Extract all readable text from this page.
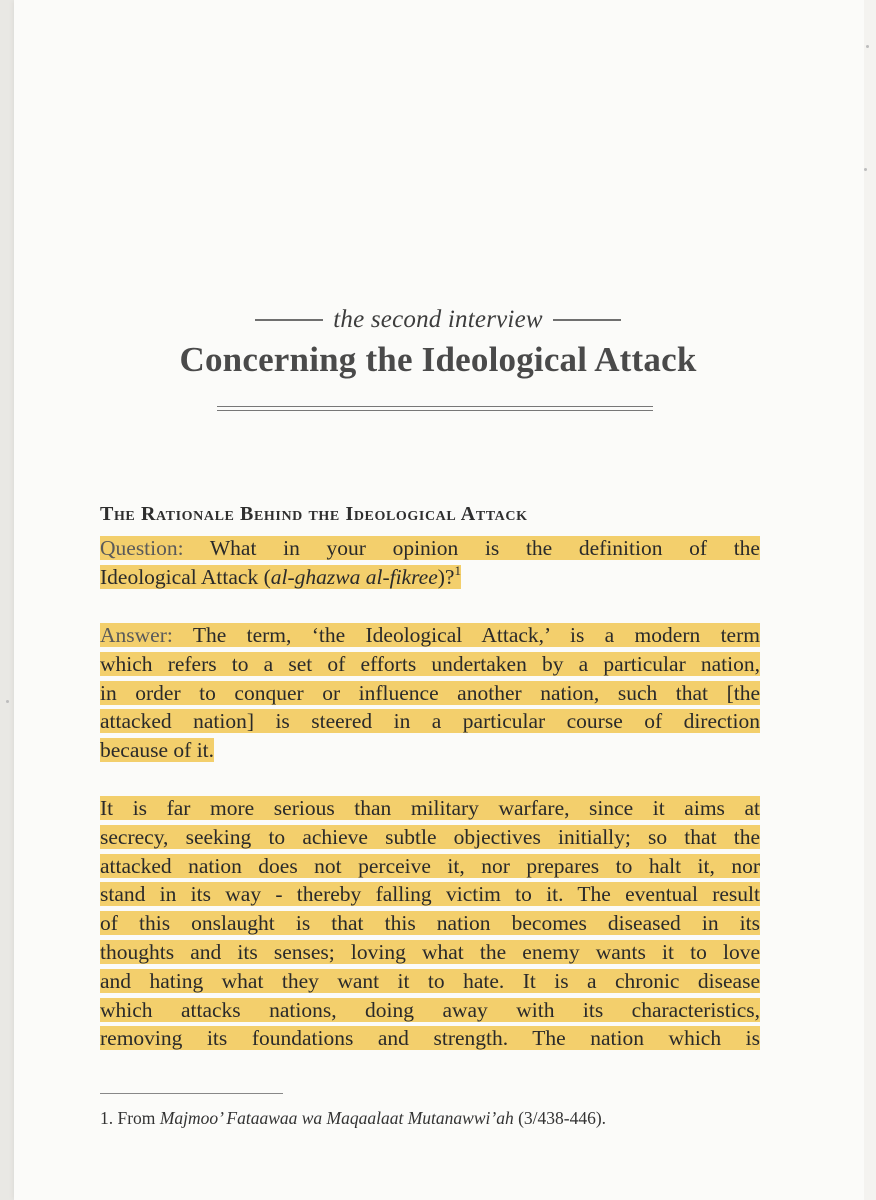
the second interview
Concerning the Ideological Attack
The Rationale Behind the Ideological Attack
Question: What in your opinion is the definition of the
Ideological Attack (al-ghazwa al-fikree)?$^1$
Answer: The term, ‘the Ideological Attack,’ is a modern term
which refers to a set of efforts undertaken by a particular nation,
in order to conquer or influence another nation, such that [the
attacked nation] is steered in a particular course of direction
because of it.
It is far more serious than military warfare, since it aims at
secrecy, seeking to achieve subtle objectives initially; so that the
attacked nation does not perceive it, nor prepares to halt it, nor
stand in its way - thereby falling victim to it. The eventual result
of this onslaught is that this nation becomes diseased in its
thoughts and its senses; loving what the enemy wants it to love
and hating what they want it to hate. It is a chronic disease
which attacks nations, doing away with its characteristics,
removing its foundations and strength. The nation which is
1. From Majmoo’ Fataawaa wa Maqaalaat Mutanawwi’ah (3/438-446).
